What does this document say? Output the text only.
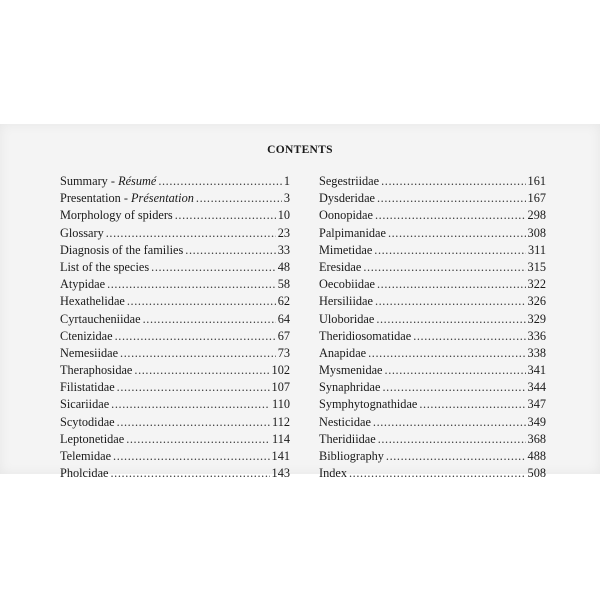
CONTENTS
Summary - Résumé .....	1
Presentation - Présentation .....	3
Morphology of spiders .....	10
Glossary .....	23
Diagnosis of the families .....	33
List of the species .....	48
Atypidae .....	58
Hexathelidae .....	62
Cyrtaucheniidae .....	64
Ctenizidae .....	67
Nemesiidae .....	73
Theraphosidae .....	102
Filistatidae .....	107
Sicariidae .....	110
Scytodidae .....	112
Leptonetidae .....	114
Telemidae .....	141
Pholcidae .....	143
Segestriidae .....	161
Dysderidae .....	167
Oonopidae .....	298
Palpimanidae .....	308
Mimetidae .....	311
Eresidae .....	315
Oecobiidae .....	322
Hersiliidae .....	326
Uloboridae .....	329
Theridiosomatidae .....	336
Anapidae .....	338
Mysmenidae .....	341
Synaphridae .....	344
Symphytognathidae .....	347
Nesticidae .....	349
Theridiidae .....	368
Bibliography .....	488
Index .....	508
